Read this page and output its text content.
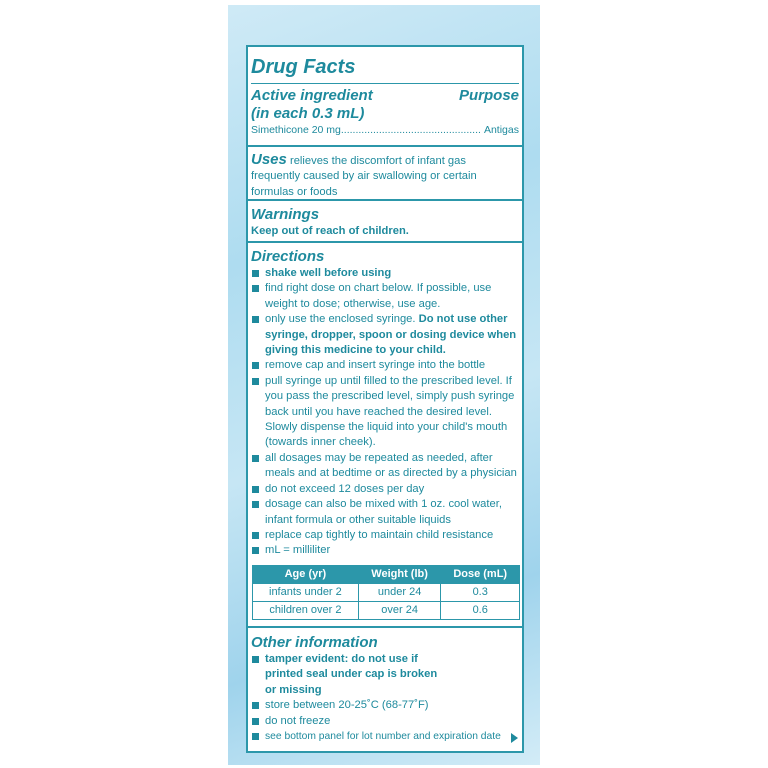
Drug Facts
Active ingredient
(in each 0.3 mL)
Purpose
Simethicone 20 mg ................................................ Antigas
Uses relieves the discomfort of infant gas
frequently caused by air swallowing or certain
formulas or foods
Warnings
Keep out of reach of children.
Directions
shake well before using
find right dose on chart below. If possible, use weight to dose; otherwise, use age.
only use the enclosed syringe. Do not use other syringe, dropper, spoon or dosing device when giving this medicine to your child.
remove cap and insert syringe into the bottle
pull syringe up until filled to the prescribed level. If you pass the prescribed level, simply push syringe back until you have reached the desired level. Slowly dispense the liquid into your child's mouth (towards inner cheek).
all dosages may be repeated as needed, after meals and at bedtime or as directed by a physician
do not exceed 12 doses per day
dosage can also be mixed with 1 oz. cool water, infant formula or other suitable liquids
replace cap tightly to maintain child resistance
mL = milliliter
Age (yr)	Weight (lb)	Dose (mL)
infants under 2	under 24	0.3
children over 2	over 24	0.6
Other information
tamper evident: do not use if
printed seal under cap is broken
or missing
store between 20-25˚C (68-77˚F)
do not freeze
see bottom panel for lot number and expiration date
